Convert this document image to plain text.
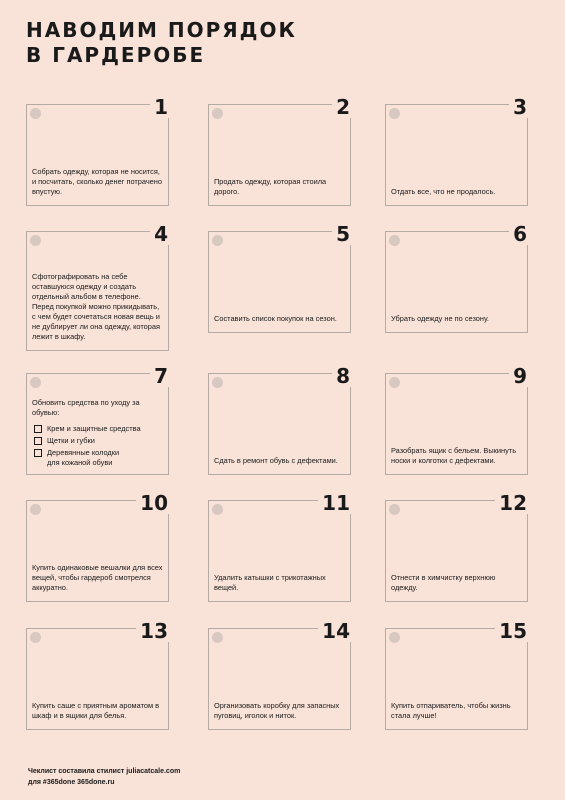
НАВОДИМ ПОРЯДОК
В ГАРДЕРОБЕ
1

Собрать одежду, которая не носится, и посчитать, сколько денег потрачено впустую.

2

Продать одежду, которая стоила дорого.

3

Отдать все, что не продалось.

4

Сфотографировать на себе оставшуюся одежду и создать отдельный альбом в телефоне. Перед покупкой можно прикидывать, с чем будет сочетаться новая вещь и не дублирует ли она одежду, которая лежит в шкафу.

5

Составить список покупок на сезон.

6

Убрать одежду не по сезону.

7

Обновить средства по уходу за обувью:

Крем и защитные средства
Щетки и губки
Деревянные колодки для кожаной обуви
8

Сдать в ремонт обувь с дефектами.

9

Разобрать ящик с бельем. Выкинуть носки и колготки с дефектами.

10

Купить одинаковые вешалки для всех вещей, чтобы гардероб смотрелся аккуратно.

11

Удалить катышки с трикотажных вещей.

12

Отнести в химчистку верхнюю одежду.

13

Купить саше с приятным ароматом в шкаф и в ящики для белья.

14

Организовать коробку для запасных пуговиц, иголок и ниток.

15

Купить отпариватель, чтобы жизнь стала лучше!

Чеклист составила стилист juliacatcale.com
для #365done 365done.ru
